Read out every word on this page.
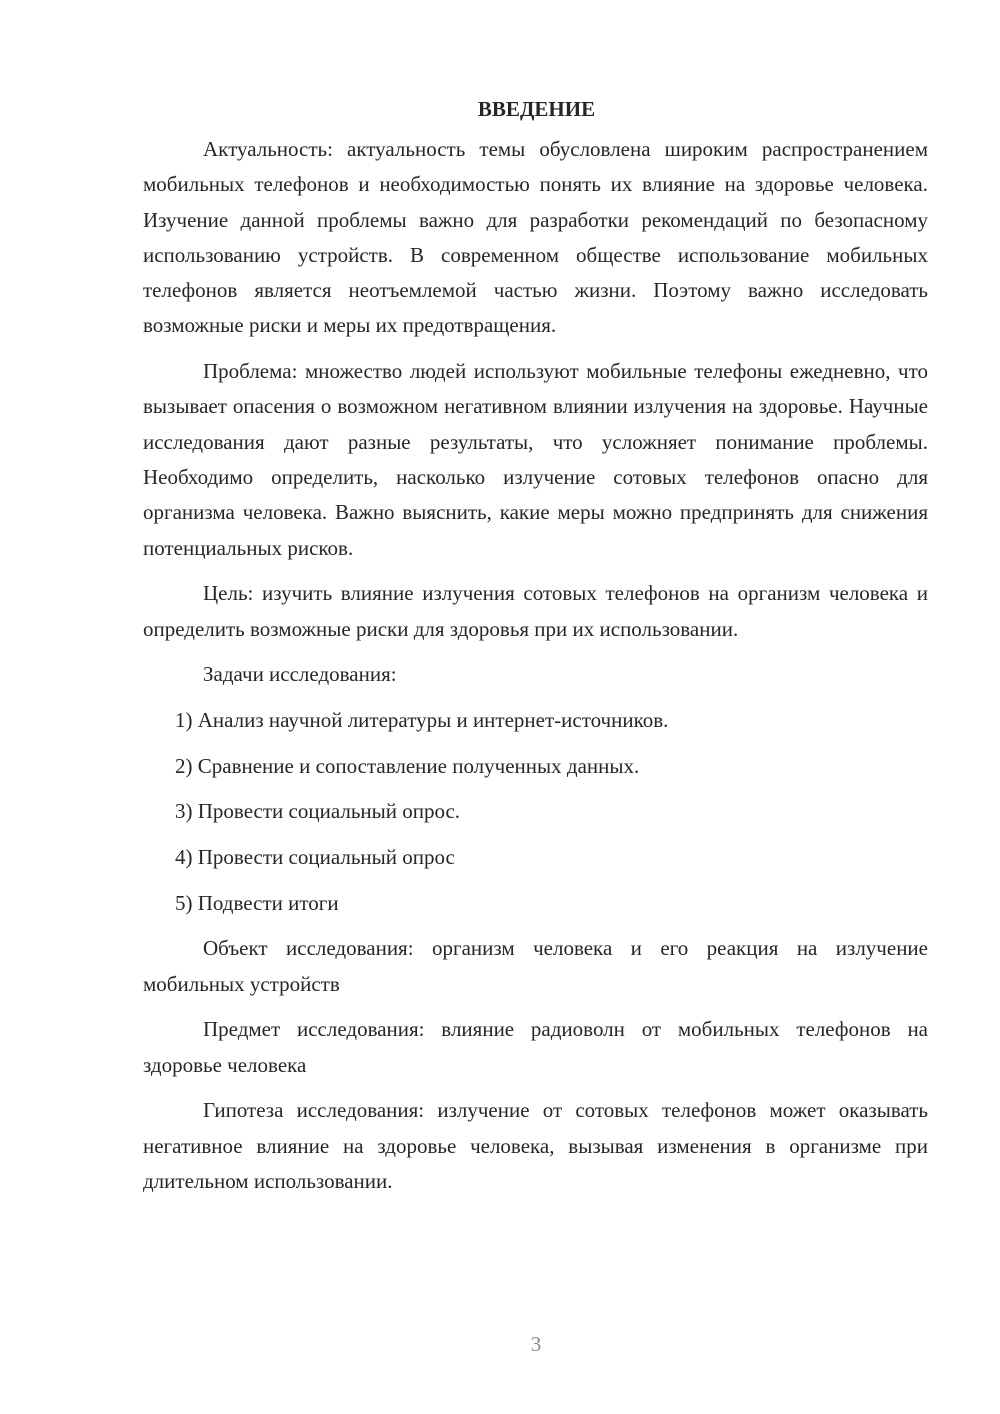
ВВЕДЕНИЕ

Актуальность: актуальность темы обусловлена широким распространением мобильных телефонов и необходимостью понять их влияние на здоровье человека. Изучение данной проблемы важно для разработки рекомендаций по безопасному использованию устройств. В современном обществе использование мобильных телефонов является неотъемлемой частью жизни. Поэтому важно исследовать возможные риски и меры их предотвращения.

Проблема: множество людей используют мобильные телефоны ежедневно, что вызывает опасения о возможном негативном влиянии излучения на здоровье. Научные исследования дают разные результаты, что усложняет понимание проблемы. Необходимо определить, насколько излучение сотовых телефонов опасно для организма человека. Важно выяснить, какие меры можно предпринять для снижения потенциальных рисков.

Цель: изучить влияние излучения сотовых телефонов на организм человека и определить возможные риски для здоровья при их использовании.

Задачи исследования:

1) Анализ научной литературы и интернет-источников.

2) Сравнение и сопоставление полученных данных.

3) Провести социальный опрос.

4) Провести социальный опрос

5) Подвести итоги

Объект исследования: организм человека и его реакция на излучение мобильных устройств

Предмет исследования: влияние радиоволн от мобильных телефонов на здоровье человека

Гипотеза исследования: излучение от сотовых телефонов может оказывать негативное влияние на здоровье человека, вызывая изменения в организме при длительном использовании.

3
